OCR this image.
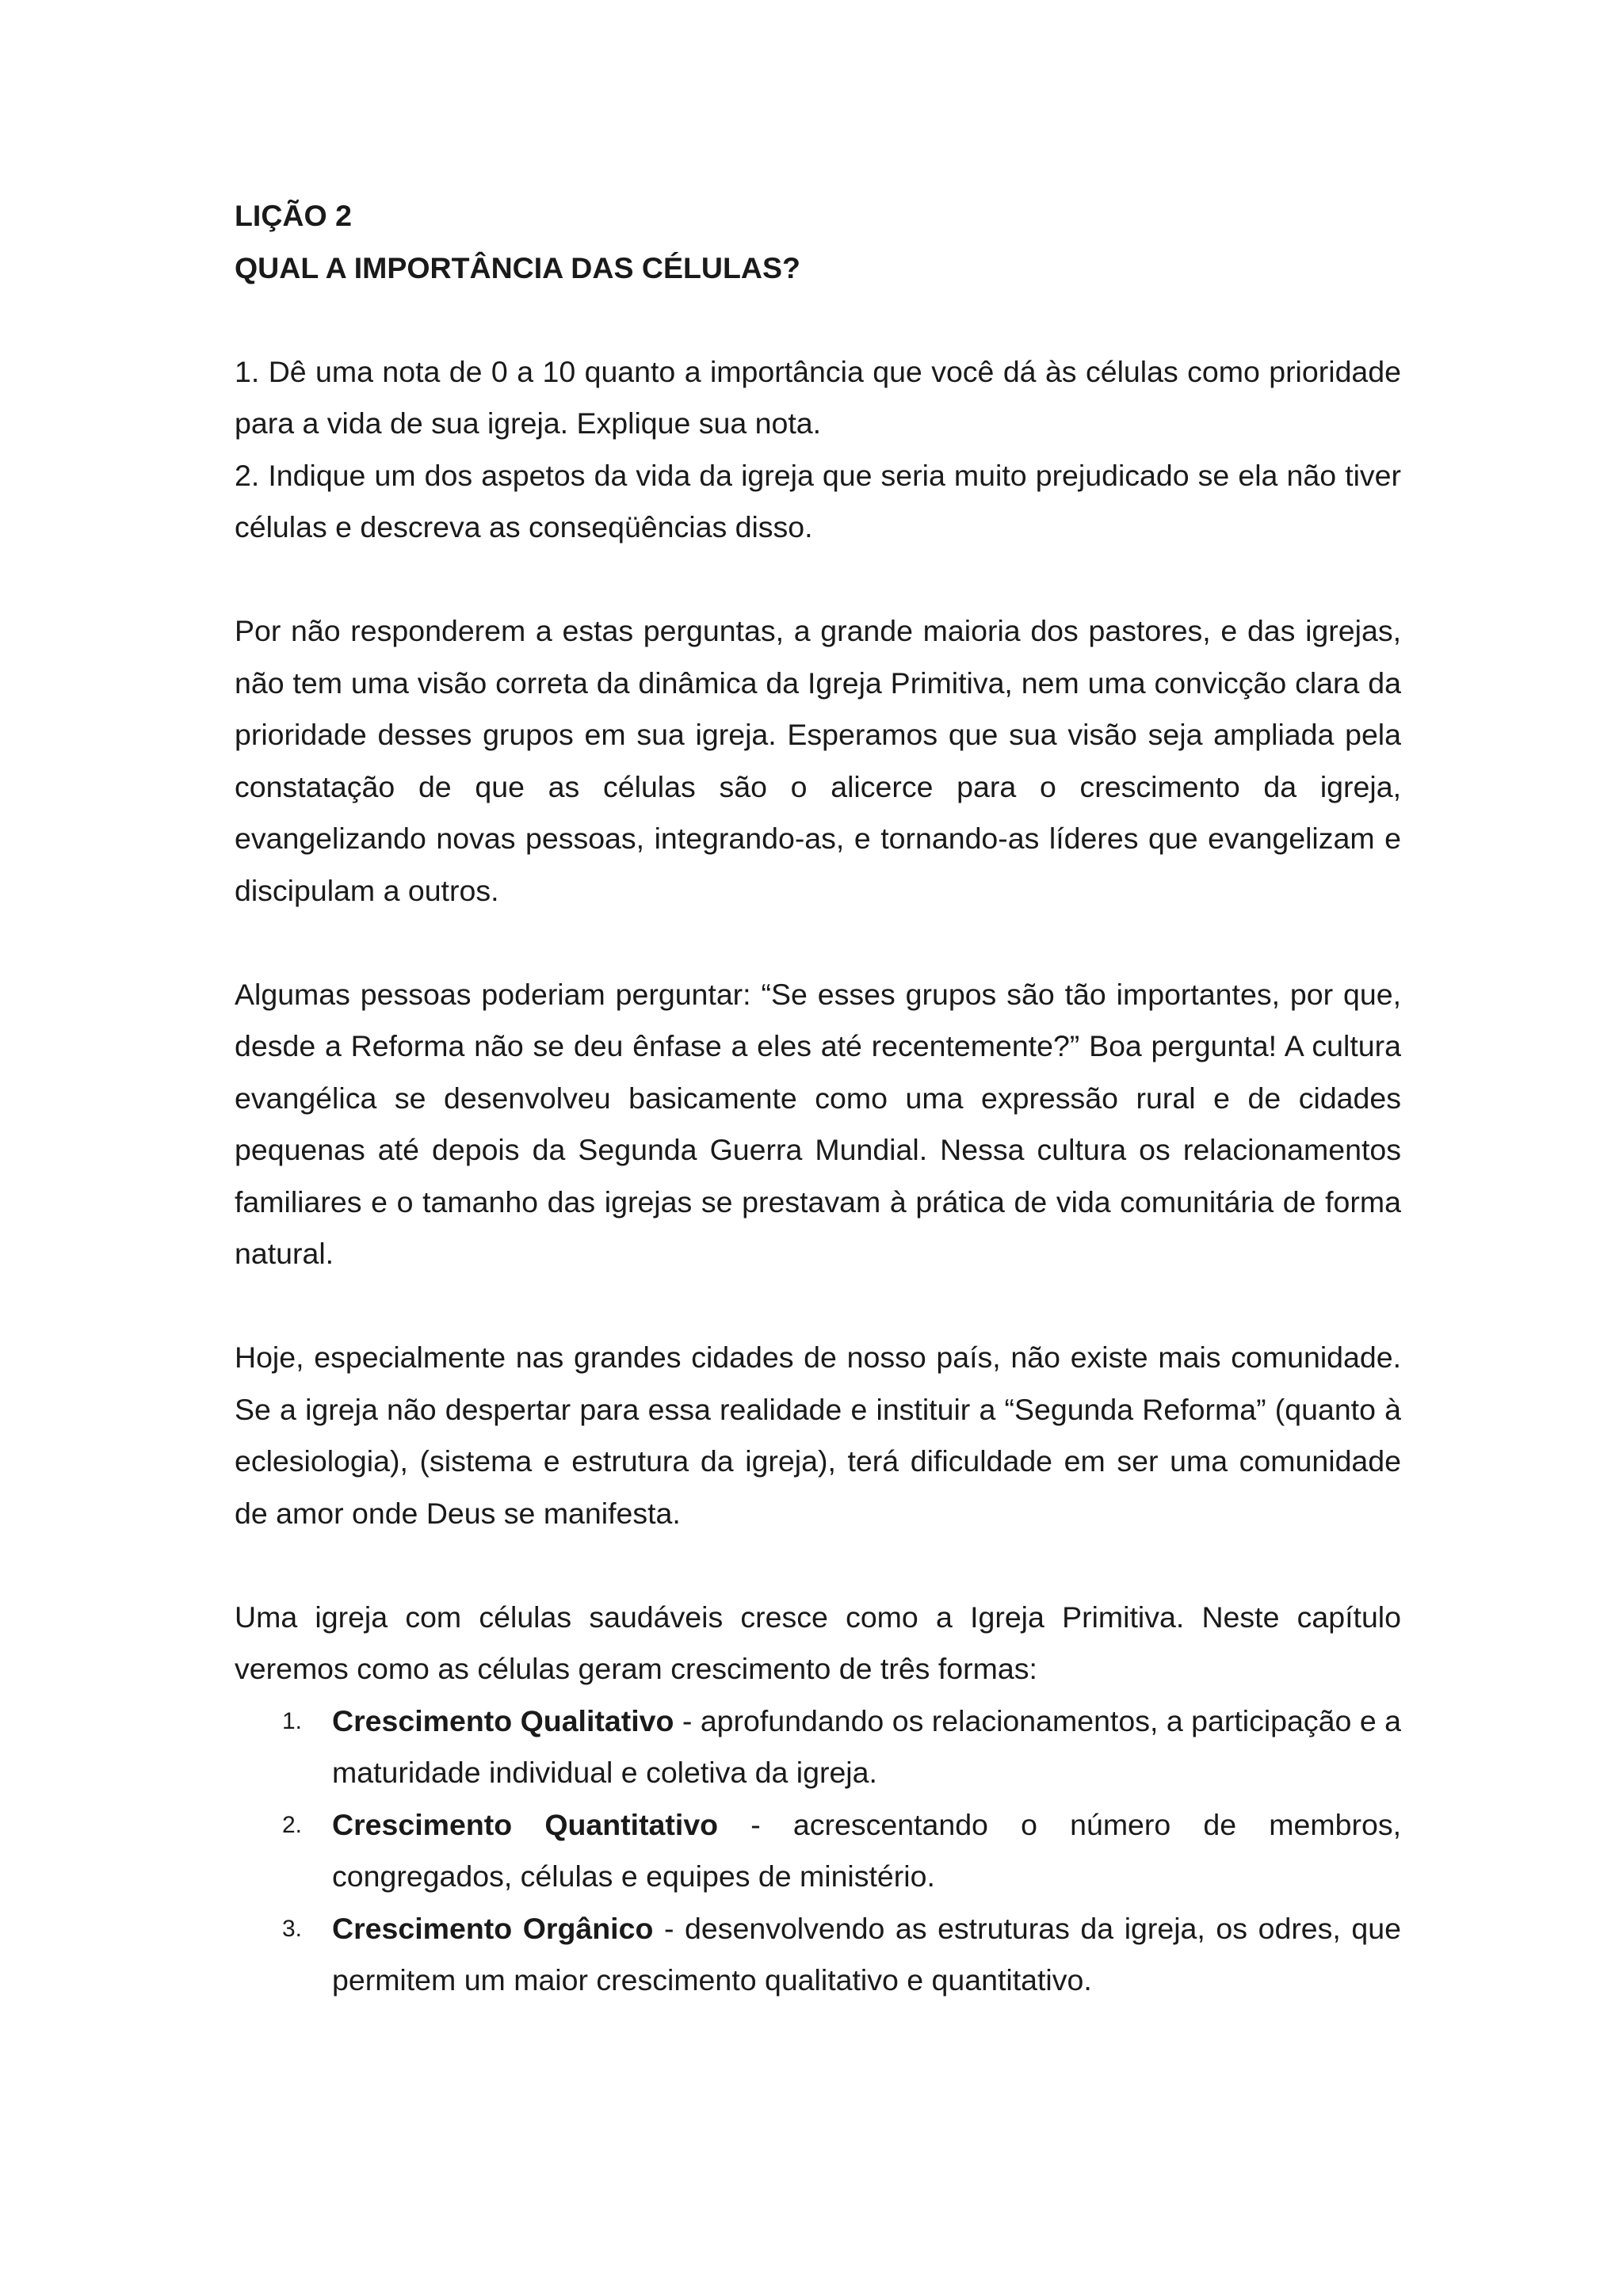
LIÇÃO 2

QUAL A IMPORTÂNCIA DAS CÉLULAS?

1. Dê uma nota de 0 a 10 quanto a importância que você dá às células como prioridade para a vida de sua igreja. Explique sua nota.

2. Indique um dos aspetos da vida da igreja que seria muito prejudicado se ela não tiver células e descreva as conseqüências disso.

Por não responderem a estas perguntas, a grande maioria dos pastores, e das igrejas, não tem uma visão correta da dinâmica da Igreja Primitiva, nem uma convicção clara da prioridade desses grupos em sua igreja. Esperamos que sua visão seja ampliada pela constatação de que as células são o alicerce para o crescimento da igreja, evangelizando novas pessoas, integrando-as, e tornando-as líderes que evangelizam e discipulam a outros.

Algumas pessoas poderiam perguntar: “Se esses grupos são tão importantes, por que, desde a Reforma não se deu ênfase a eles até recentemente?” Boa pergunta! A cultura evangélica se desenvolveu basicamente como uma expressão rural e de cidades pequenas até depois da Segunda Guerra Mundial. Nessa cultura os relacionamentos familiares e o tamanho das igrejas se prestavam à prática de vida comunitária de forma natural.

Hoje, especialmente nas grandes cidades de nosso país, não existe mais comunidade. Se a igreja não despertar para essa realidade e instituir a “Segunda Reforma” (quanto à eclesiologia), (sistema e estrutura da igreja), terá dificuldade em ser uma comunidade de amor onde Deus se manifesta.

Uma igreja com células saudáveis cresce como a Igreja Primitiva. Neste capítulo veremos como as células geram crescimento de três formas:

1. Crescimento Qualitativo - aprofundando os relacionamentos, a participação e a maturidade individual e coletiva da igreja.
2. Crescimento Quantitativo - acrescentando o número de membros, congregados, células e equipes de ministério.
3. Crescimento Orgânico - desenvolvendo as estruturas da igreja, os odres, que permitem um maior crescimento qualitativo e quantitativo.
